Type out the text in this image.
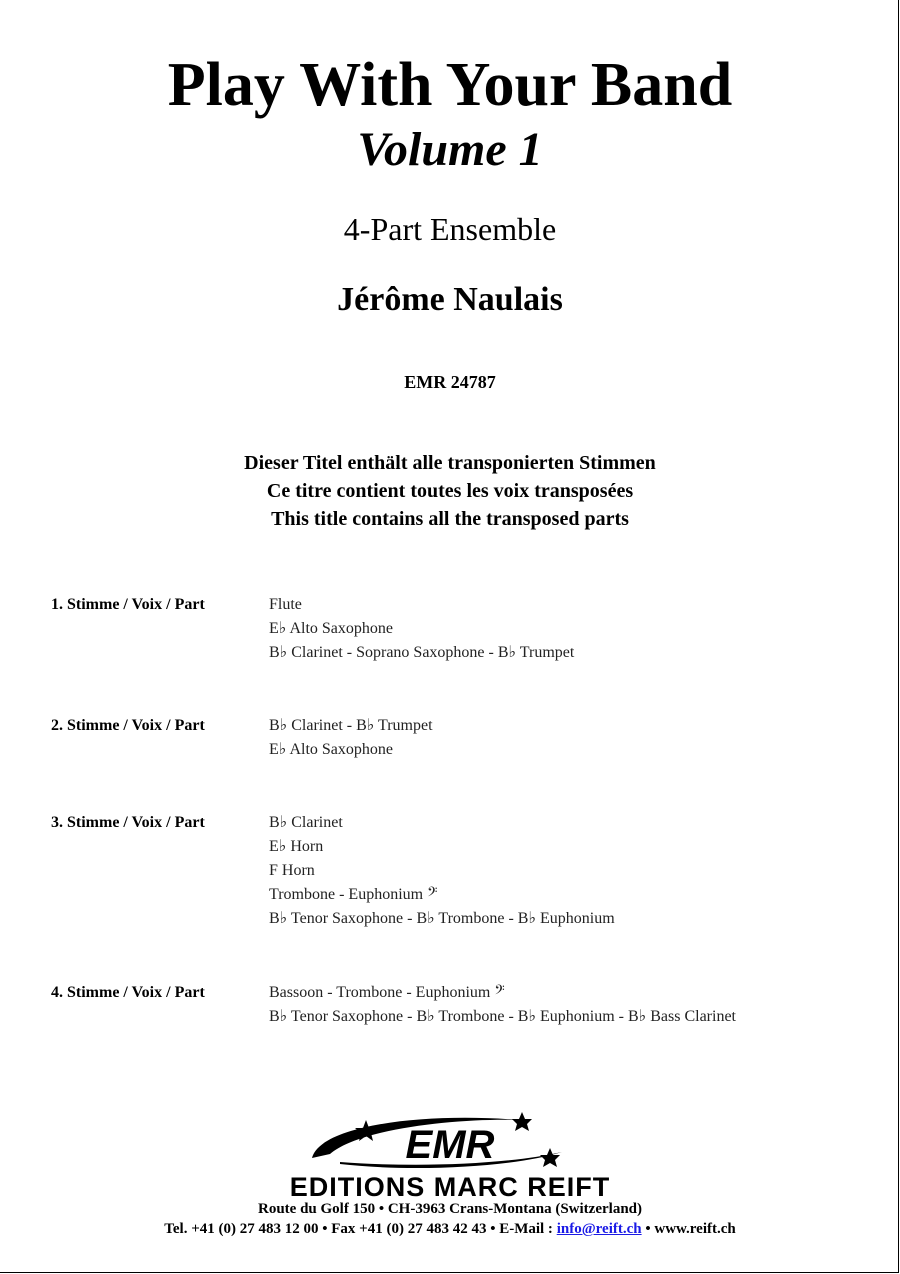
Play With Your Band
Volume 1
4-Part Ensemble
Jérôme Naulais
EMR 24787
Dieser Titel enthält alle transponierten Stimmen
Ce titre contient toutes les voix transposées
This title contains all the transposed parts
1. Stimme / Voix / Part	Flute
E♭ Alto Saxophone
B♭ Clarinet - Soprano Saxophone - B♭ Trumpet
2. Stimme / Voix / Part	B♭ Clarinet - B♭ Trumpet
E♭ Alto Saxophone
3. Stimme / Voix / Part	B♭ Clarinet
E♭ Horn
F Horn
Trombone - Euphonium 𝄢
B♭ Tenor Saxophone - B♭ Trombone - B♭ Euphonium
4. Stimme / Voix / Part	Bassoon - Trombone - Euphonium 𝄢
B♭ Tenor Saxophone - B♭ Trombone - B♭ Euphonium - B♭ Bass Clarinet
EMR
EDITIONS MARC REIFT
Route du Golf 150 • CH-3963 Crans-Montana (Switzerland)
Tel. +41 (0) 27 483 12 00 • Fax +41 (0) 27 483 42 43 • E-Mail : info@reift.ch • www.reift.ch
